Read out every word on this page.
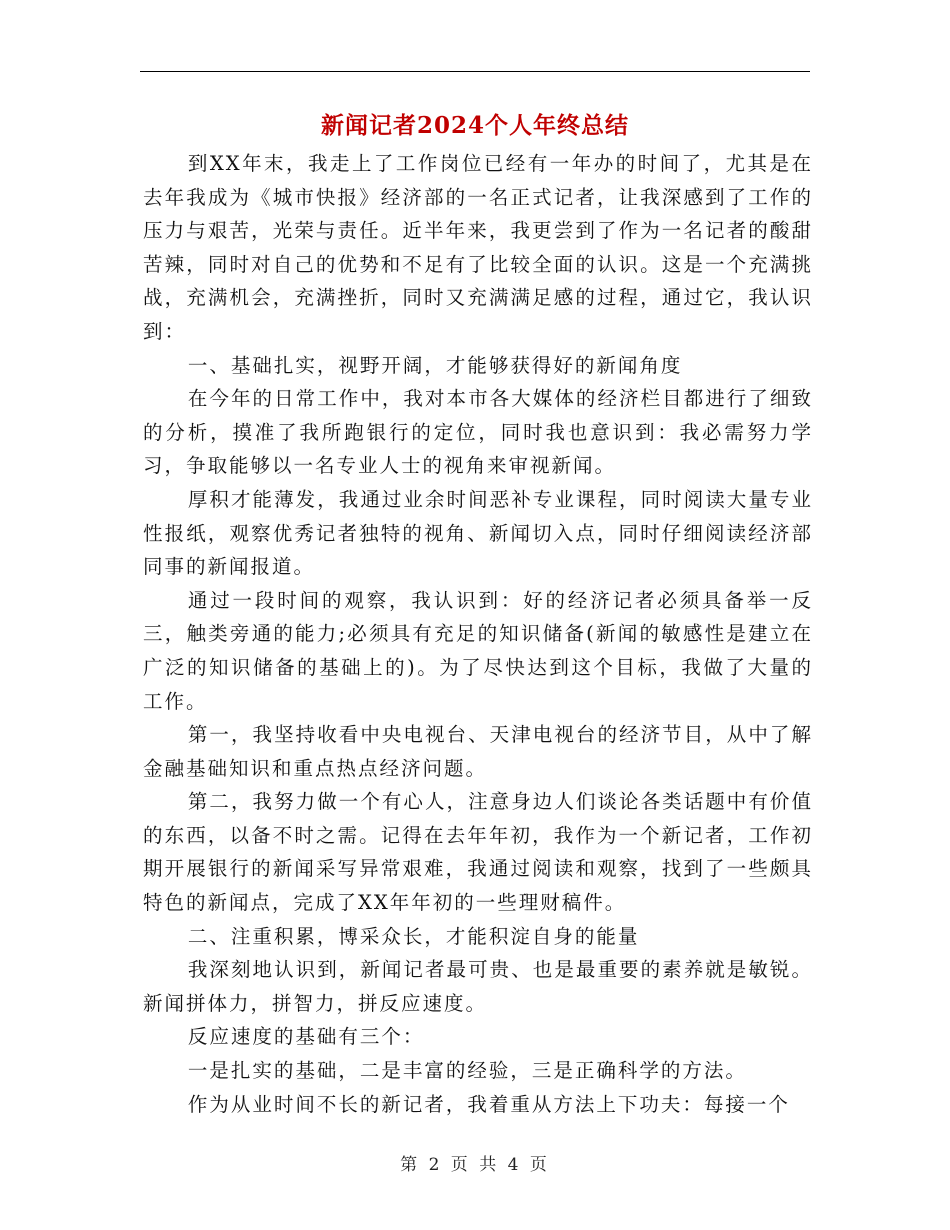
新闻记者2024个人年终总结

到XX年末，我走上了工作岗位已经有一年办的时间了，尤其是在去年我成为《城市快报》经济部的一名正式记者，让我深感到了工作的压力与艰苦，光荣与责任。近半年来，我更尝到了作为一名记者的酸甜苦辣，同时对自己的优势和不足有了比较全面的认识。这是一个充满挑战，充满机会，充满挫折，同时又充满满足感的过程，通过它，我认识到：

一、基础扎实，视野开阔，才能够获得好的新闻角度

在今年的日常工作中，我对本市各大媒体的经济栏目都进行了细致的分析，摸准了我所跑银行的定位，同时我也意识到：我必需努力学习，争取能够以一名专业人士的视角来审视新闻。

厚积才能薄发，我通过业余时间恶补专业课程，同时阅读大量专业性报纸，观察优秀记者独特的视角、新闻切入点，同时仔细阅读经济部同事的新闻报道。

通过一段时间的观察，我认识到：好的经济记者必须具备举一反三，触类旁通的能力;必须具有充足的知识储备(新闻的敏感性是建立在广泛的知识储备的基础上的)。为了尽快达到这个目标，我做了大量的工作。

第一，我坚持收看中央电视台、天津电视台的经济节目，从中了解金融基础知识和重点热点经济问题。

第二，我努力做一个有心人，注意身边人们谈论各类话题中有价值的东西，以备不时之需。记得在去年年初，我作为一个新记者，工作初期开展银行的新闻采写异常艰难，我通过阅读和观察，找到了一些颇具特色的新闻点，完成了XX年年初的一些理财稿件。

二、注重积累，博采众长，才能积淀自身的能量

我深刻地认识到，新闻记者最可贵、也是最重要的素养就是敏锐。新闻拼体力，拼智力，拼反应速度。

反应速度的基础有三个：

一是扎实的基础，二是丰富的经验，三是正确科学的方法。

作为从业时间不长的新记者，我着重从方法上下功夫：每接一个

第 2 页 共 4 页
